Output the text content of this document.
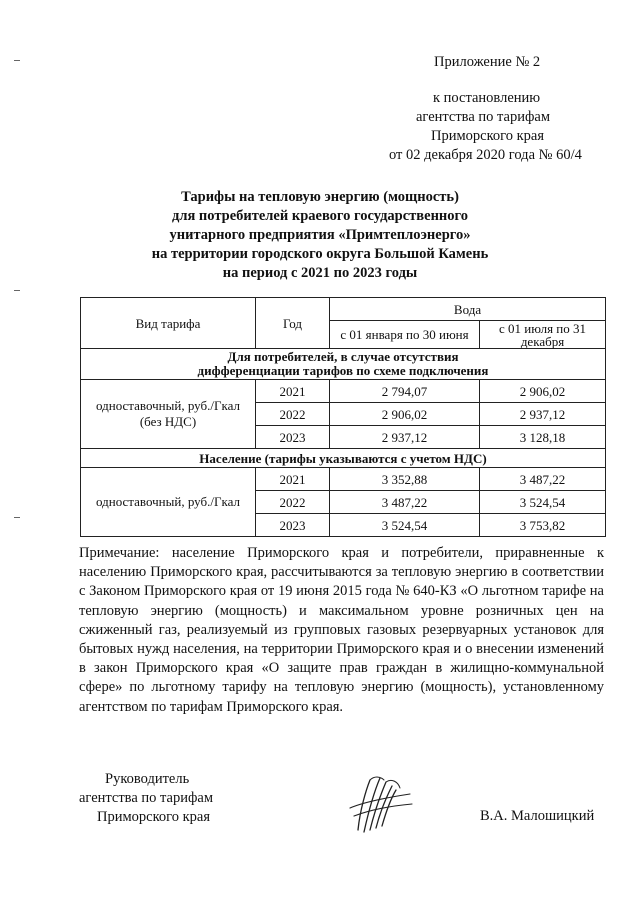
Приложение № 2
к постановлению
агентства по тарифам
Приморского края
от 02 декабря 2020 года № 60/4
Тарифы на тепловую энергию (мощность)
для потребителей краевого государственного
унитарного предприятия «Примтеплоэнерго»
на территории городского округа Большой Камень
на период с 2021 по 2023 годы
Вид тарифа	Год	Вода	
		с 01 января по 30 июня	с 01 июля по 31 декабря
Для потребителей, в случае отсутствия дифференциации тарифов по схеме подключения			
одноставочный, руб./Гкал (без НДС)	2021	2 794,07	2 906,02
	2022	2 906,02	2 937,12
	2023	2 937,12	3 128,18
Население (тарифы указываются с учетом НДС)			
одноставочный, руб./Гкал	2021	3 352,88	3 487,22
	2022	3 487,22	3 524,54
	2023	3 524,54	3 753,82
Примечание: население Приморского края и потребители, приравненные к населению Приморского края, рассчитываются за тепловую энергию в соответствии с Законом Приморского края от 19 июня 2015 года № 640-КЗ «О льготном тарифе на тепловую энергию (мощность) и максимальном уровне розничных цен на сжиженный газ, реализуемый из групповых газовых резервуарных установок для бытовых нужд населения, на территории Приморского края и о внесении изменений в закон Приморского края «О защите прав граждан в жилищно-коммунальной сфере» по льготному тарифу на тепловую энергию (мощность), установленному агентством по тарифам Приморского края.
Руководитель
агентства по тарифам
Приморского края	В.А. Малошицкий
